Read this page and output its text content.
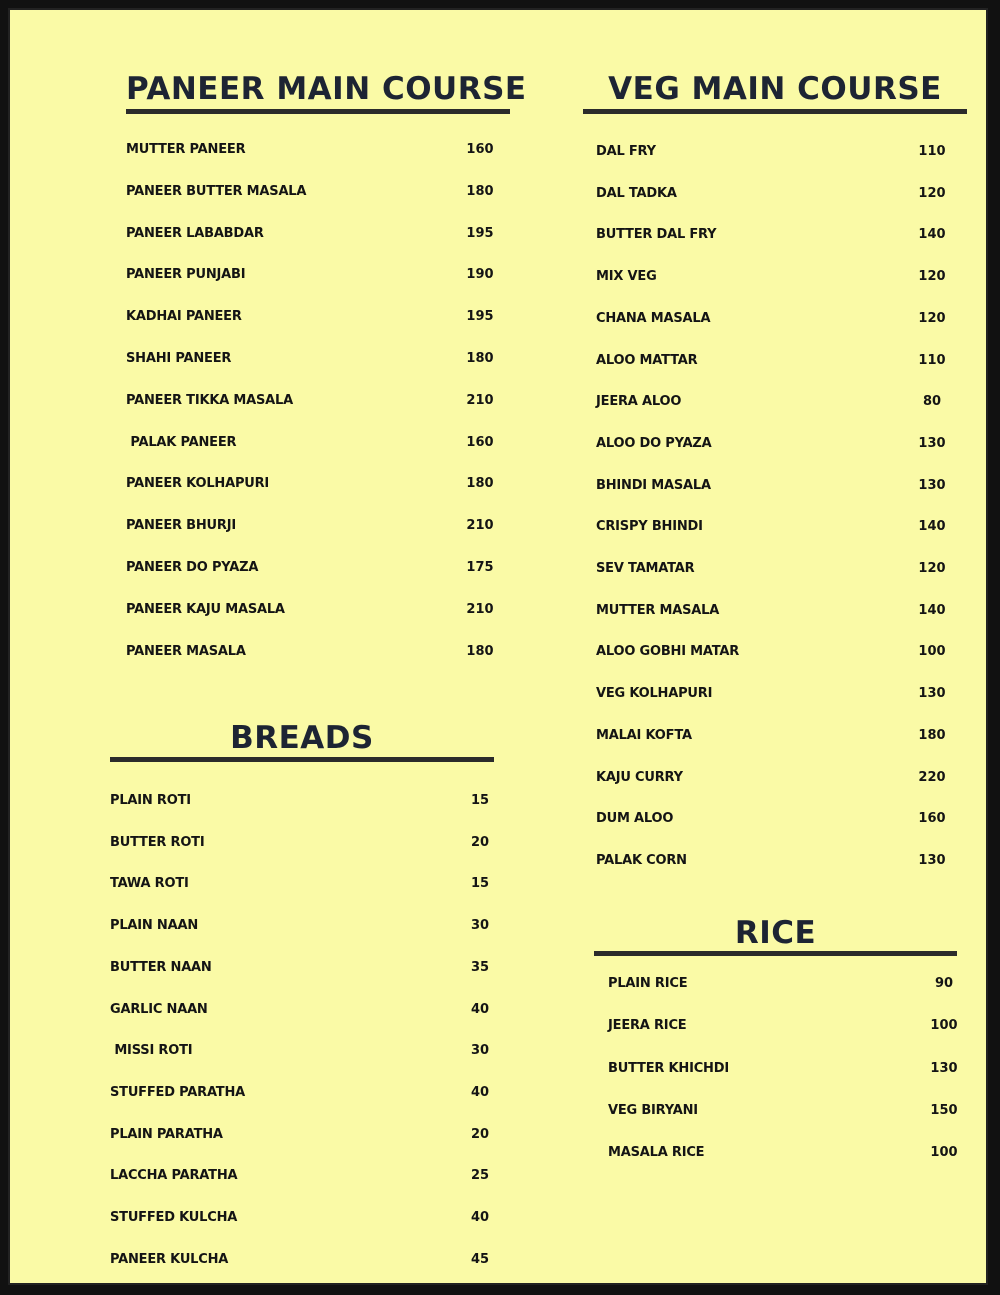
PANEER MAIN COURSE
MUTTER PANEER	160
PANEER BUTTER MASALA	180
PANEER LABABDAR	195
PANEER PUNJABI	190
KADHAI PANEER	195
SHAHI PANEER	180
PANEER TIKKA MASALA	210
PALAK PANEER	160
PANEER KOLHAPURI	180
PANEER BHURJI	210
PANEER DO PYAZA	175
PANEER KAJU MASALA	210
PANEER MASALA	180
VEG MAIN COURSE
DAL FRY	110
DAL TADKA	120
BUTTER DAL FRY	140
MIX VEG	120
CHANA MASALA	120
ALOO MATTAR	110
JEERA ALOO	80
ALOO DO PYAZA	130
BHINDI MASALA	130
CRISPY BHINDI	140
SEV TAMATAR	120
MUTTER MASALA	140
ALOO GOBHI MATAR	100
VEG KOLHAPURI	130
MALAI KOFTA	180
KAJU CURRY	220
DUM ALOO	160
PALAK CORN	130
BREADS
PLAIN ROTI	15
BUTTER ROTI	20
TAWA ROTI	15
PLAIN NAAN	30
BUTTER NAAN	35
GARLIC NAAN	40
MISSI ROTI	30
STUFFED PARATHA	40
PLAIN PARATHA	20
LACCHA PARATHA	25
STUFFED KULCHA	40
PANEER KULCHA	45
RICE
PLAIN RICE	90
JEERA RICE	100
BUTTER KHICHDI	130
VEG BIRYANI	150
MASALA RICE	100
